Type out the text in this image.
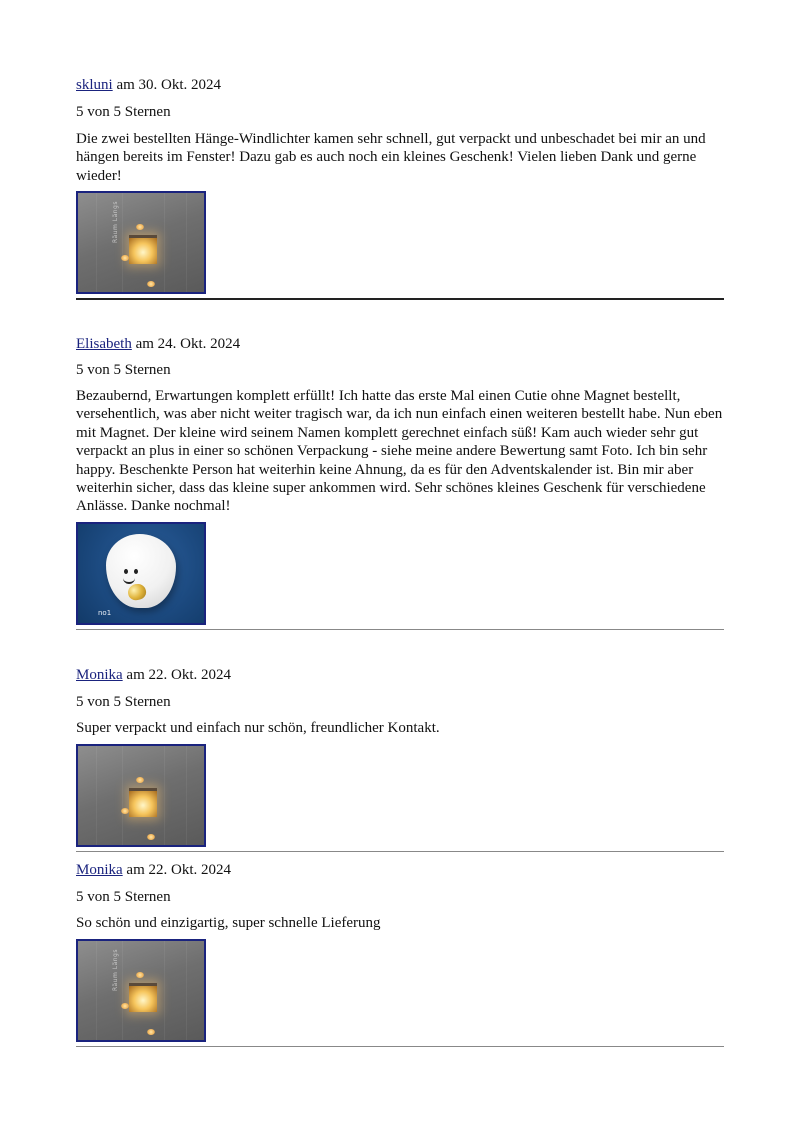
skluni am 30. Okt. 2024

5 von 5 Sternen

Die zwei bestellten Hänge-Windlichter kamen sehr schnell, gut verpackt und unbeschadet bei mir an und hängen bereits im Fenster! Dazu gab es auch noch ein kleines Geschenk! Vielen lieben Dank und gerne wieder!

Räum Längs

Elisabeth am 24. Okt. 2024

5 von 5 Sternen

Bezaubernd, Erwartungen komplett erfüllt! Ich hatte das erste Mal einen Cutie ohne Magnet bestellt, versehentlich, was aber nicht weiter tragisch war, da ich nun einfach einen weiteren bestellt habe. Nun eben mit Magnet. Der kleine wird seinem Namen komplett gerechnet einfach süß! Kam auch wieder sehr gut verpackt an plus in einer so schönen Verpackung - siehe meine andere Bewertung samt Foto. Ich bin sehr happy. Beschenkte Person hat weiterhin keine Ahnung, da es für den Adventskalender ist. Bin mir aber weiterhin sicher, dass das kleine super ankommen wird. Sehr schönes kleines Geschenk für verschiedene Anlässe. Danke nochmal!

no1

Monika am 22. Okt. 2024

5 von 5 Sternen

Super verpackt und einfach nur schön, freundlicher Kontakt.

Monika am 22. Okt. 2024

5 von 5 Sternen

So schön und einzigartig, super schnelle Lieferung

Räum Längs
